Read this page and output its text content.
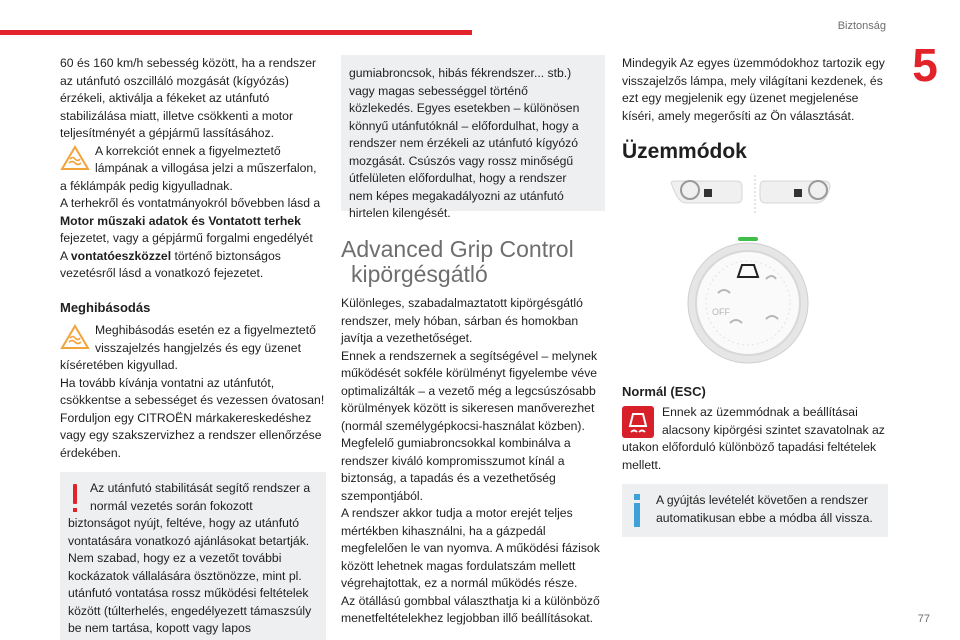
Biztonság
5

60 és 160 km/h sebesség között, ha a rendszer az utánfutó oszcilláló mozgását (kígyózás) érzékeli, aktiválja a fékeket az utánfutó stabilizálása miatt, illetve csökkenti a motor teljesítményét a gépjármű lassításához.

A korrekciót ennek a figyelmeztető lámpának a villogása jelzi a műszerfalon,
a féklámpák pedig kigyulladnak.

A terhekről és vontatmányokról bővebben lásd a Motor műszaki adatok és Vontatott terhek fejezetet, vagy a gépjármű forgalmi engedélyét

A vontatóeszközzel történő biztonságos vezetésről lásd a vonatkozó fejezetet.

Meghibásodás
Meghibásodás esetén ez a figyelmeztető visszajelzés hangjelzés és egy üzenet
kíséretében kigyullad.

Ha tovább kívánja vontatni az utánfutót, csökkentse a sebességet és vezessen óvatosan! Forduljon egy CITROËN márkakereskedéshez vagy egy szakszervizhez a rendszer ellenőrzése érdekében.

Az utánfutó stabilitását segítő rendszer a normál vezetés során fokozott
biztonságot nyújt, feltéve, hogy az utánfutó vontatására vonatkozó ajánlásokat betartják. Nem szabad, hogy ez a vezetőt további kockázatok vállalására ösztönözze, mint pl. utánfutó vontatása rossz működési feltételek között (túlterhelés, engedélyezett támaszsúly be nem tartása, kopott vagy lapos
gumiabroncsok, hibás fékrendszer... stb.) vagy magas sebességgel történő közlekedés. Egyes esetekben – különösen könnyű utánfutóknál – előfordulhat, hogy a rendszer nem érzékeli az utánfutó kígyózó mozgását. Csúszós vagy rossz minőségű útfelületen előfordulhat, hogy a rendszer nem képes megakadályozni az utánfutó hirtelen kilengését.
Advanced Grip Control
kipörgésgátló

Különleges, szabadalmaztatott kipörgésgátló rendszer, mely hóban, sárban és homokban javítja a vezethetőséget.

Ennek a rendszernek a segítségével – melynek működését sokféle körülményt figyelembe véve optimalizálták – a vezető még a legcsúszósabb körülmények között is sikeresen manőverezhet (normál személygépkocsi-használat közben).

Megfelelő gumiabroncsokkal kombinálva a rendszer kiváló kompromisszumot kínál a biztonság, a tapadás és a vezethetőség szempontjából.

A rendszer akkor tudja a motor erejét teljes mértékben kihasználni, ha a gázpedál megfelelően le van nyomva. A működési fázisok között lehetnek magas fordulatszám mellett végrehajtottak, ez a normál működés része.

Az ötállású gombbal választhatja ki a különböző menetfeltételekhez legjobban illő beállításokat.

Mindegyik Az egyes üzemmódokhoz tartozik egy visszajelzős lámpa, mely világítani kezdenek, és ezt egy megjelenik egy üzenet megjelenése kíséri, amely megerősíti az Ön választását.

Üzemmódok
OFF
Normál (ESC)
Ennek az üzemmódnak a beállításai alacsony kipörgési szintet szavatolnak az
utakon előforduló különböző tapadási feltételek mellett.
A gyújtás levételét követően a rendszer automatikusan ebbe a módba áll vissza.
77
